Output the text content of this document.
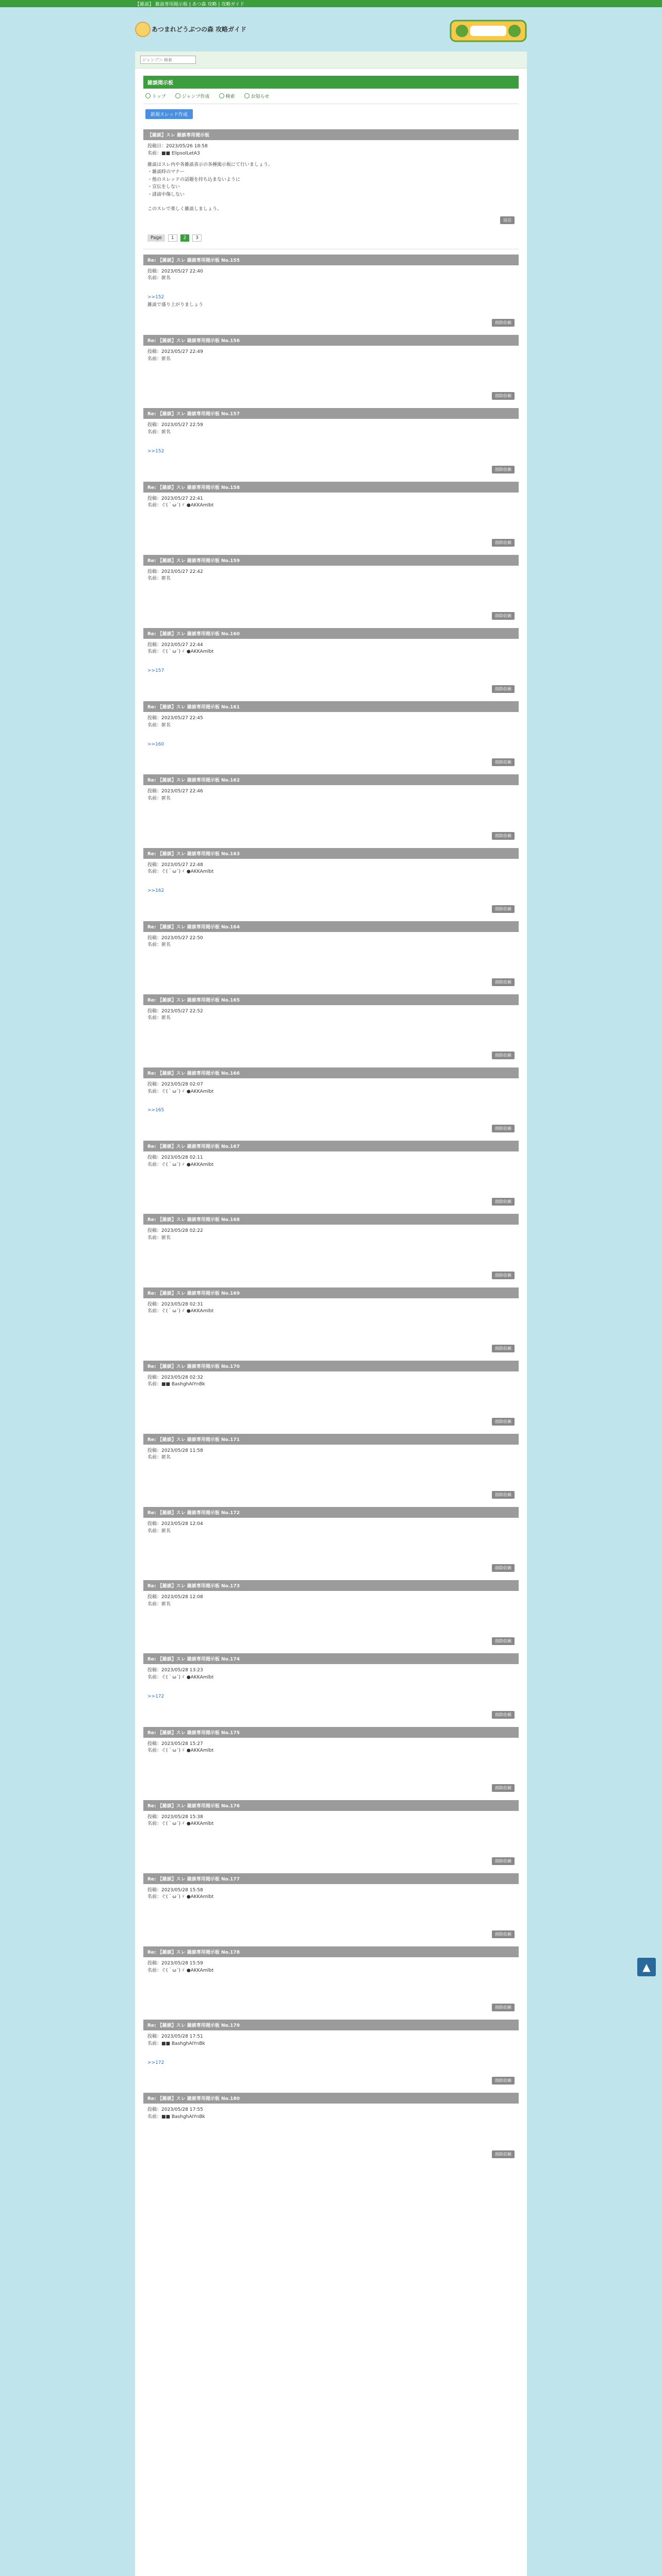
【雑談】 雑談専用掲示板 | あつ森 攻略 | 攻略ガイド
あつまれどうぶつの森 攻略ガイド
ジャンプ＞ 検索
雑談掲示板
トップ	ジャンプ作成	検索	お知らせ
新規スレッド作成
【雑談】スレ 雑談専用掲示板
投稿日：2023/05/26 18:58
名前：■■ ElipsolLetA3
雑談はスレ内や各雑談表示の各種掲示板にて行いましょう。
・雑談時のマナー
・他のスレッドの話題を持ち込まないように
・宣伝をしない
・誹謗中傷しない

このスレで楽しく雑談しましょう。
返信
Page	1	2	3
Re: 【雑談】スレ 雑談専用掲示板 No.155
投稿：2023/05/27 22:40
名前：匿名

>>152

雑談で盛り上がりましょう

削除依頼
Re: 【雑談】スレ 雑談専用掲示板 No.156
投稿：2023/05/27 22:49
名前：匿名

削除依頼
Re: 【雑談】スレ 雑談専用掲示板 No.157
投稿：2023/05/27 22:59
名前：匿名

>>152

削除依頼
Re: 【雑談】スレ 雑談専用掲示板 No.158
投稿：2023/05/27 22:41
名前：ぐ(｀ω´)ゞ ●AKKAmlbt

削除依頼
Re: 【雑談】スレ 雑談専用掲示板 No.159
投稿：2023/05/27 22:42
名前：匿名

削除依頼
Re: 【雑談】スレ 雑談専用掲示板 No.160
投稿：2023/05/27 22:44
名前：ぐ(｀ω´)ゞ ●AKKAmlbt

>>157

削除依頼
Re: 【雑談】スレ 雑談専用掲示板 No.161
投稿：2023/05/27 22:45
名前：匿名

>>160

削除依頼
Re: 【雑談】スレ 雑談専用掲示板 No.162
投稿：2023/05/27 22:46
名前：匿名

削除依頼
Re: 【雑談】スレ 雑談専用掲示板 No.163
投稿：2023/05/27 22:48
名前：ぐ(｀ω´)ゞ ●AKKAmlbt

>>162

削除依頼
Re: 【雑談】スレ 雑談専用掲示板 No.164
投稿：2023/05/27 22:50
名前：匿名

削除依頼
Re: 【雑談】スレ 雑談専用掲示板 No.165
投稿：2023/05/27 22:52
名前：匿名

削除依頼
Re: 【雑談】スレ 雑談専用掲示板 No.166
投稿：2023/05/28 02:07
名前：ぐ(｀ω´)ゞ ●AKKAmlbt

>>165

削除依頼
Re: 【雑談】スレ 雑談専用掲示板 No.167
投稿：2023/05/28 02:11
名前：ぐ(｀ω´)ゞ ●AKKAmlbt

削除依頼
Re: 【雑談】スレ 雑談専用掲示板 No.168
投稿：2023/05/28 02:22
名前：匿名

削除依頼
Re: 【雑談】スレ 雑談専用掲示板 No.169
投稿：2023/05/28 02:31
名前：ぐ(｀ω´)ゞ ●AKKAmlbt

削除依頼
Re: 【雑談】スレ 雑談専用掲示板 No.170
投稿：2023/05/28 02:32
名前：■■ BashghAIYnBk

削除依頼
Re: 【雑談】スレ 雑談専用掲示板 No.171
投稿：2023/05/28 11:58
名前：匿名

削除依頼
Re: 【雑談】スレ 雑談専用掲示板 No.172
投稿：2023/05/28 12:04
名前：匿名

削除依頼
Re: 【雑談】スレ 雑談専用掲示板 No.173
投稿：2023/05/28 12:08
名前：匿名

削除依頼
Re: 【雑談】スレ 雑談専用掲示板 No.174
投稿：2023/05/28 13:23
名前：ぐ(｀ω´)ゞ ●AKKAmlbt

>>172

削除依頼
Re: 【雑談】スレ 雑談専用掲示板 No.175
投稿：2023/05/28 15:27
名前：ぐ(｀ω´)ゞ ●AKKAmlbt

削除依頼
Re: 【雑談】スレ 雑談専用掲示板 No.176
投稿：2023/05/28 15:38
名前：ぐ(｀ω´)ゞ ●AKKAmlbt

削除依頼
Re: 【雑談】スレ 雑談専用掲示板 No.177
投稿：2023/05/28 15:58
名前：ぐ(｀ω´)ゞ ●AKKAmlbt

削除依頼
Re: 【雑談】スレ 雑談専用掲示板 No.178
投稿：2023/05/28 15:59
名前：ぐ(｀ω´)ゞ ●AKKAmlbt

削除依頼
Re: 【雑談】スレ 雑談専用掲示板 No.179
投稿：2023/05/28 17:51
名前：■■ BashghAIYnBk

>>172

削除依頼
Re: 【雑談】スレ 雑談専用掲示板 No.180
投稿：2023/05/28 17:55
名前：■■ BashghAIYnBk

削除依頼
▲
